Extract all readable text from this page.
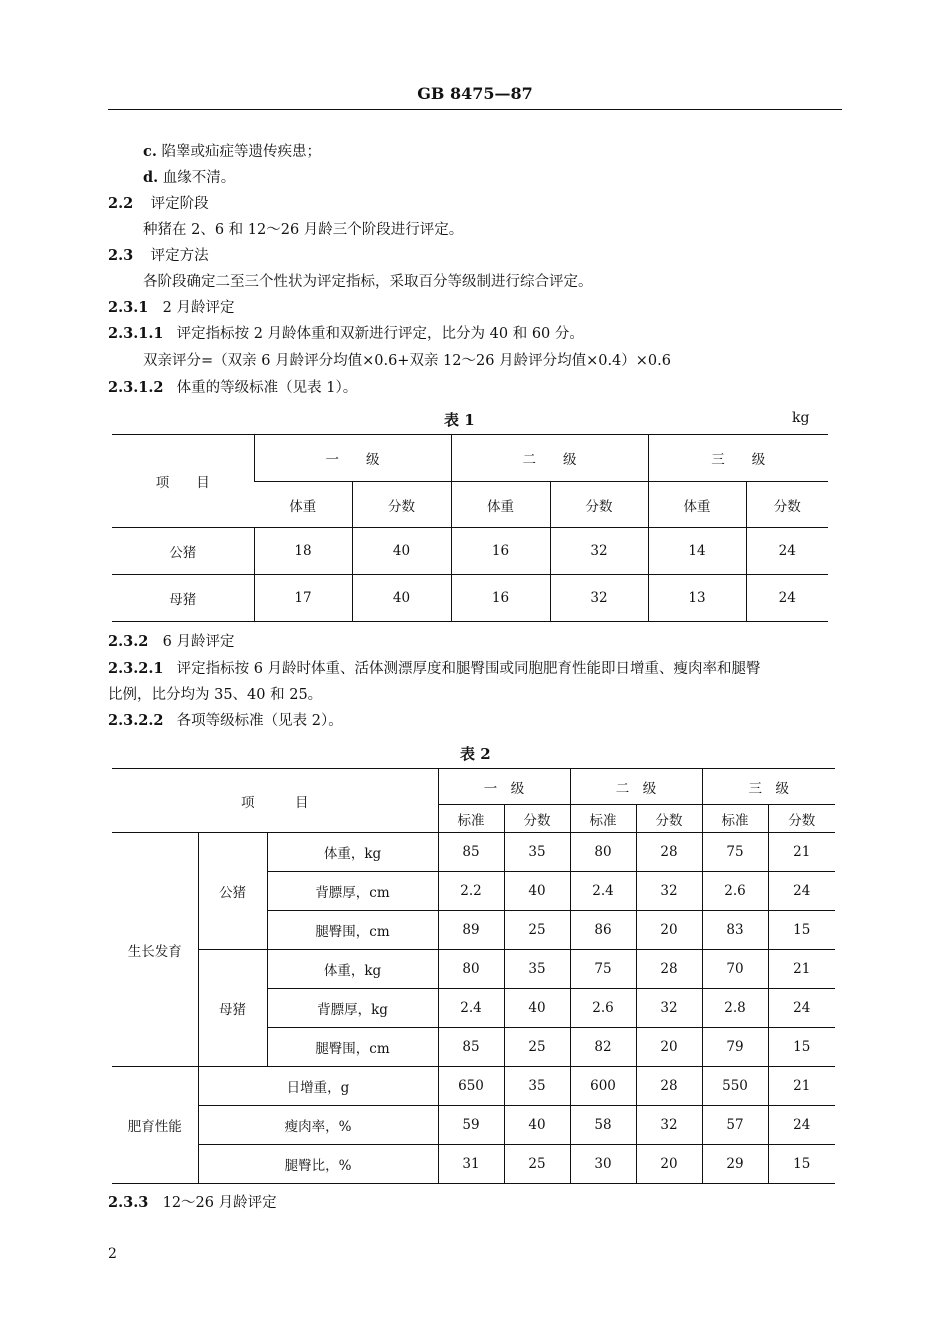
GB 8475—87
c. 陷睾或疝症等遗传疾患；
d. 血缘不清。
2.2 评定阶段
种猪在 2、6 和 12～26 月龄三个阶段进行评定。
2.3 评定方法
各阶段确定二至三个性状为评定指标，采取百分等级制进行综合评定。
2.3.1 2 月龄评定
2.3.1.1 评定指标按 2 月龄体重和双新进行评定，比分为 40 和 60 分。
双亲评分=（双亲 6 月龄评分均值×0.6+双亲 12～26 月龄评分均值×0.4）×0.6
2.3.1.2 体重的等级标准（见表 1）。
表 1	kg
项　　目	一　　级		二　　级		三　　级	
	体重	分数	体重	分数	体重	分数
公猪	18	40	16	32	14	24
母猪	17	40	16	32	13	24
2.3.2 6 月龄评定
2.3.2.1 评定指标按 6 月龄时体重、活体测漂厚度和腿臀围或同胞肥育性能即日增重、瘦肉率和腿臀
比例，比分均为 35、40 和 25。
2.3.2.2 各项等级标准（见表 2）。
表 2
项　　　目			一　级		二　级		三　级	
			标准	分数	标准	分数	标准	分数
生长发育	公猪	体重，kg	85	35	80	28	75	21
		背膘厚，cm	2.2	40	2.4	32	2.6	24
		腿臀围，cm	89	25	86	20	83	15
	母猪	体重，kg	80	35	75	28	70	21
		背膘厚，kg	2.4	40	2.6	32	2.8	24
		腿臀围，cm	85	25	82	20	79	15
肥育性能	日增重，g		650	35	600	28	550	21
	瘦肉率，%		59	40	58	32	57	24
	腿臀比，%		31	25	30	20	29	15
2.3.3 12～26 月龄评定
2
